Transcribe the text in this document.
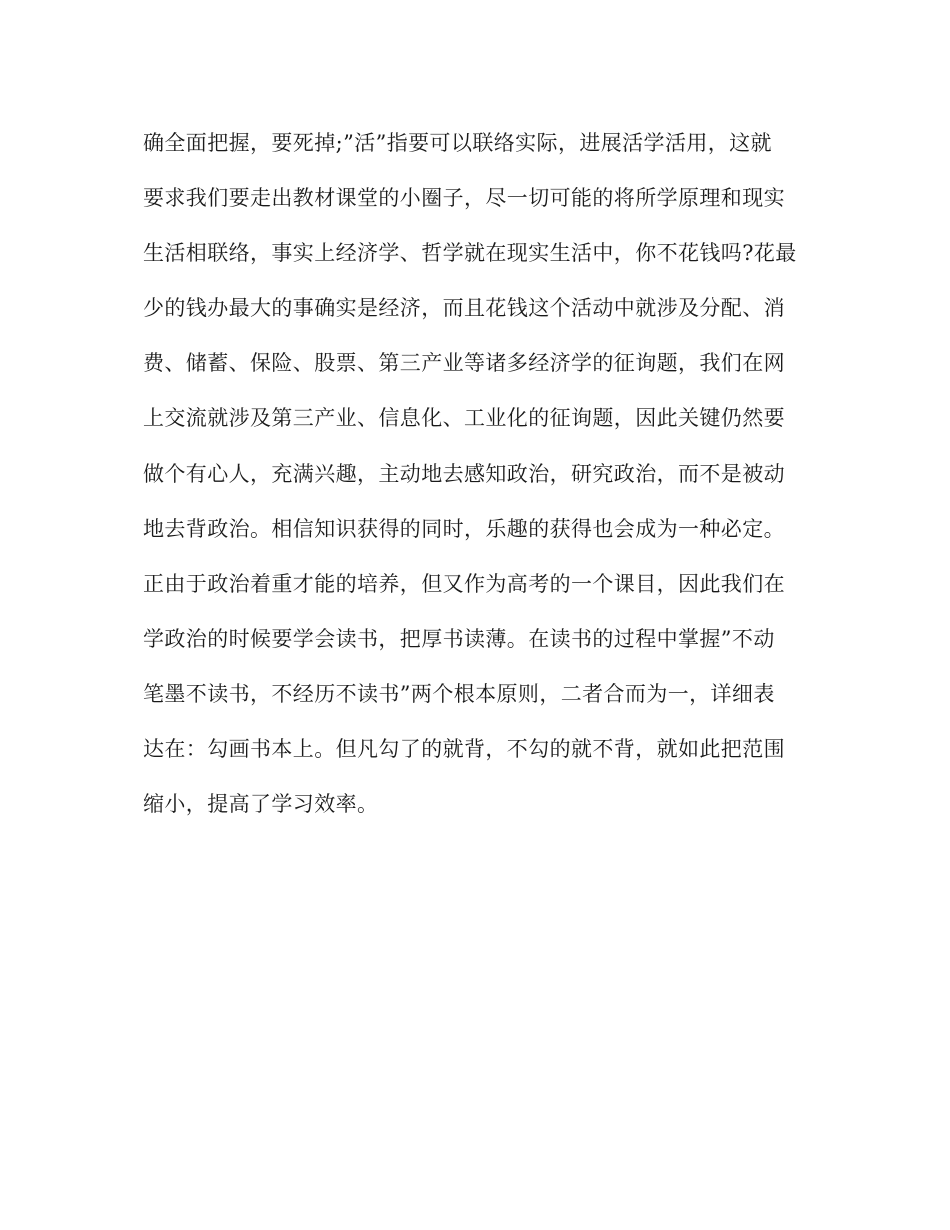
确全面把握，要死掉;”活”指要可以联络实际，进展活学活用，这就
要求我们要走出教材课堂的小圈子，尽一切可能的将所学原理和现实
生活相联络，事实上经济学、哲学就在现实生活中，你不花钱吗?花最
少的钱办最大的事确实是经济，而且花钱这个活动中就涉及分配、消
费、储蓄、保险、股票、第三产业等诸多经济学的征询题，我们在网
上交流就涉及第三产业、信息化、工业化的征询题，因此关键仍然要
做个有心人，充满兴趣，主动地去感知政治，研究政治，而不是被动
地去背政治。相信知识获得的同时，乐趣的获得也会成为一种必定。
正由于政治着重才能的培养，但又作为高考的一个课目，因此我们在
学政治的时候要学会读书，把厚书读薄。在读书的过程中掌握”不动
笔墨不读书，不经历不读书”两个根本原则，二者合而为一，详细表
达在：勾画书本上。但凡勾了的就背，不勾的就不背，就如此把范围
缩小，提高了学习效率。
